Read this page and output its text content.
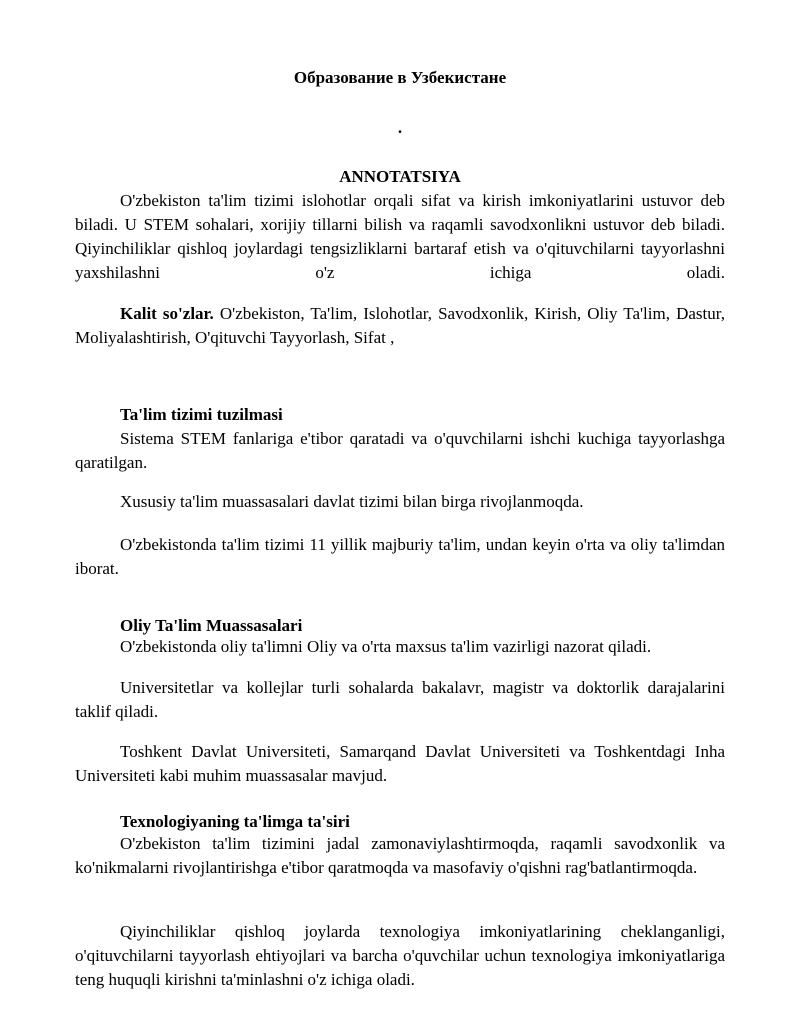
Образование в Узбекистане
.
ANNOTATSIYA

O'zbekiston ta'lim tizimi islohotlar orqali sifat va kirish imkoniyatlarini ustuvor deb biladi. U STEM sohalari, xorijiy tillarni bilish va raqamli savodxonlikni ustuvor deb biladi. Qiyinchiliklar qishloq joylardagi tengsizliklarni bartaraf etish va o'qituvchilarni tayyorlashni yaxshilashni o'z ichiga oladi.

Kalit so'zlar. O'zbekiston, Ta'lim, Islohotlar, Savodxonlik, Kirish, Oliy Ta'lim, Dastur, Moliyalashtirish, O'qituvchi Tayyorlash, Sifat ,

Ta'lim tizimi tuzilmasi

Sistema STEM fanlariga e'tibor qaratadi va o'quvchilarni ishchi kuchiga tayyorlashga qaratilgan.

Xususiy ta'lim muassasalari davlat tizimi bilan birga rivojlanmoqda.

O'zbekistonda ta'lim tizimi 11 yillik majburiy ta'lim, undan keyin o'rta va oliy ta'limdan iborat.

Oliy Ta'lim Muassasalari

O'zbekistonda oliy ta'limni Oliy va o'rta maxsus ta'lim vazirligi nazorat qiladi.

Universitetlar va kollejlar turli sohalarda bakalavr, magistr va doktorlik darajalarini taklif qiladi.

Toshkent Davlat Universiteti, Samarqand Davlat Universiteti va Toshkentdagi Inha Universiteti kabi muhim muassasalar mavjud.

Texnologiyaning ta'limga ta'siri

O'zbekiston ta'lim tizimini jadal zamonaviylashtirmoqda, raqamli savodxonlik va ko'nikmalarni rivojlantirishga e'tibor qaratmoqda va masofaviy o'qishni rag'batlantirmoqda.

Qiyinchiliklar qishloq joylarda texnologiya imkoniyatlarining cheklanganligi, o'qituvchilarni tayyorlash ehtiyojlari va barcha o'quvchilar uchun texnologiya imkoniyatlariga teng huquqli kirishni ta'minlashni o'z ichiga oladi.
